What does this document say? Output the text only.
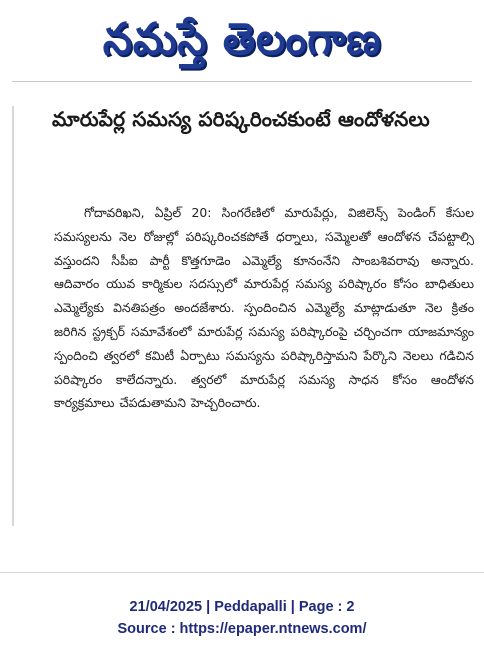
నమస్తే తెలంగాణ
మారుపేర్ల సమస్య పరిష్కరించకుంటే ఆందోళనలు

గోదావరిఖని, ఏప్రిల్ 20: సింగరేణిలో మారుపేర్లు, విజిలెన్స్ పెండింగ్ కేసుల సమస్యలను నెల రోజుల్లో పరిష్కరించకపోతే ధర్నాలు, సమ్మెలతో ఆందోళన చేపట్టాల్సి వస్తుందని సీపీఐ పార్టీ కొత్తగూడెం ఎమ్మెల్యే కూనంనేని సాంబశివరావు అన్నారు. ఆదివారం యువ కార్మికుల సదస్సులో మారుపేర్ల సమస్య పరిష్కారం కోసం బాధితులు ఎమ్మెల్యేకు వినతిపత్రం అందజేశారు. స్పందించిన ఎమ్మెల్యే మాట్లాడుతూ నెల క్రితం జరిగిన స్ట్రక్చర్ సమావేశంలో మారుపేర్ల సమస్య పరిష్కారంపై చర్చించగా యాజమాన్యం స్పందించి త్వరలో కమిటీ ఏర్పాటు సమస్యను పరిష్కారిస్తామని పేర్కొని నెలలు గడిచిన పరిష్కారం కాలేదన్నారు. త్వరలో మారుపేర్ల సమస్య సాధన కోసం ఆందోళన కార్యక్రమాలు చేపడుతామని హెచ్చరించారు.

21/04/2025 | Peddapalli | Page : 2
Source : https://epaper.ntnews.com/
